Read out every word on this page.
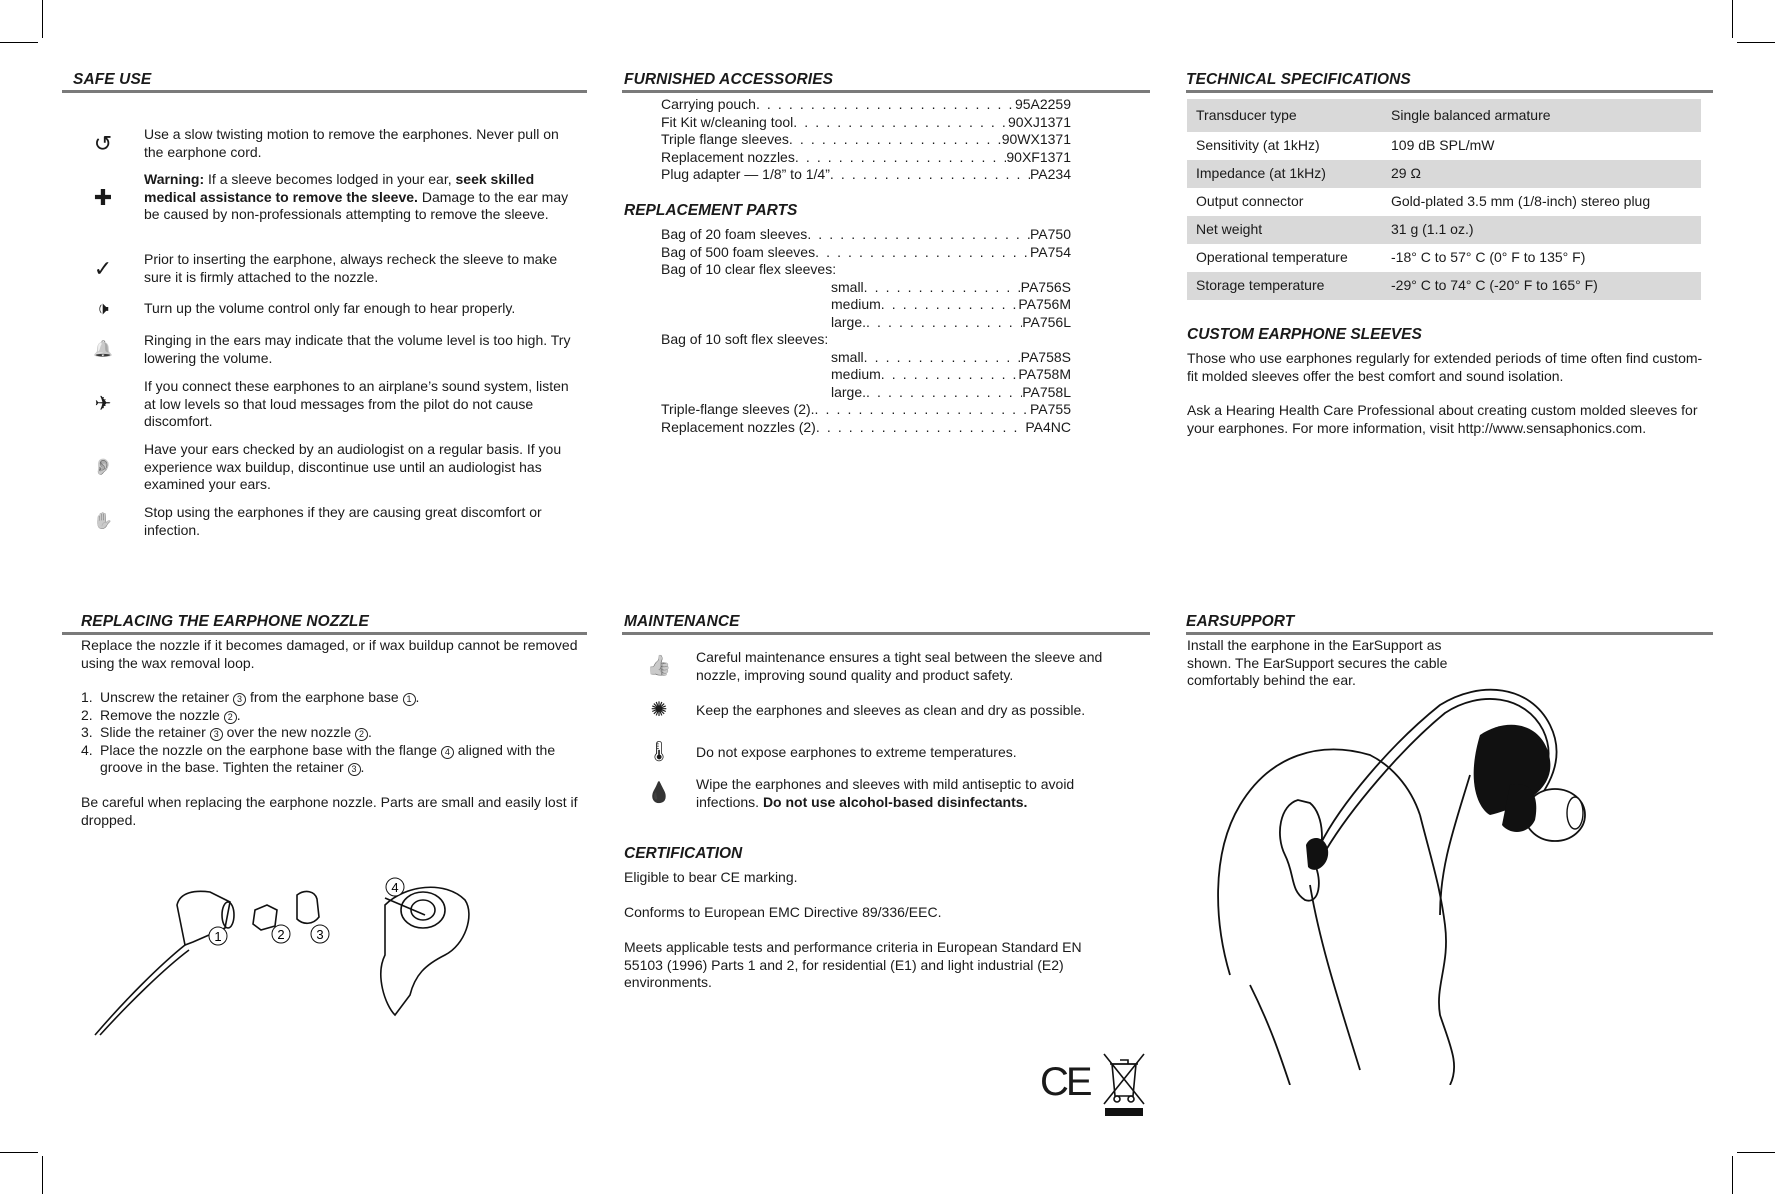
SAFE USE
↺	Use a slow twisting motion to remove the earphones. Never pull on the earphone cord.
✚
Warning: If a sleeve becomes lodged in your ear, seek skilled medical assistance to remove the sleeve. Damage to the ear may be caused by non-professionals attempting to remove the sleeve.
✓	Prior to inserting the earphone, always recheck the sleeve to make sure it is firmly attached to the nozzle.
🕩	Turn up the volume control only far enough to hear properly.
🔔
Ringing in the ears may indicate that the volume level is too high. Try lowering the volume.
✈
If you connect these earphones to an airplane’s sound system, listen at low levels so that loud messages from the pilot do not cause discomfort.
👂
Have your ears checked by an audiologist on a regular basis. If you experience wax buildup, discontinue use until an audiologist has examined your ears.
✋
Stop using the earphones if they are causing great discomfort or infection.
FURNISHED ACCESSORIES
Carrying pouch . . .	95A2259
Fit Kit w/cleaning tool . . .	90XJ1371
Triple flange sleeves . . .	90WX1371
Replacement nozzles . . .	90XF1371
Plug adapter — 1/8” to 1/4” . . .	PA234
REPLACEMENT PARTS
Bag of 20 foam sleeves . . .	PA750
Bag of 500 foam sleeves . . .	PA754
Bag of 10 clear flex sleeves:
small . . .	PA756S
medium . . .	PA756M
large. . . .	PA756L
Bag of 10 soft flex sleeves:
small . . .	PA758S
medium . . .	PA758M
large. . . .	PA758L
Triple-flange sleeves (2). . . .	PA755
Replacement nozzles (2) . . .	PA4NC
TECHNICAL SPECIFICATIONS
Transducer type	Single balanced armature
Sensitivity (at 1kHz)	109 dB SPL/mW
Impedance (at 1kHz)	29 Ω
Output connector	Gold-plated 3.5 mm (1/8-inch) stereo plug
Net weight	31 g (1.1 oz.)
Operational temperature	-18° C to 57° C (0° F to 135° F)
Storage temperature	-29° C to 74° C (-20° F to 165° F)
CUSTOM EARPHONE SLEEVES
Those who use earphones regularly for extended periods of time often find custom-fit molded sleeves offer the best comfort and sound isolation.
Ask a Hearing Health Care Professional about creating custom molded sleeves for your earphones. For more information, visit http://www.sensaphonics.com.
REPLACING THE EARPHONE NOZZLE
Replace the nozzle if it becomes damaged, or if wax buildup cannot be removed using the wax removal loop.
1. Unscrew the retainer 3 from the earphone base 1 .
2. Remove the nozzle 2 .
3. Slide the retainer 3 over the new nozzle 2 .
4. Place the nozzle on the earphone base with the flange 4 aligned with the groove in the base. Tighten the retainer 3 .
Be careful when replacing the earphone nozzle. Parts are small and easily lost if dropped.
1	2 3
4
MAINTENANCE
👍	Careful maintenance ensures a tight seal between the sleeve and nozzle, improving sound quality and product safety.
✺	Keep the earphones and sleeves as clean and dry as possible.
🌡	Do not expose earphones to extreme temperatures.
💧	Wipe the earphones and sleeves with mild antiseptic to avoid infections. Do not use alcohol-based disinfectants.
CERTIFICATION
Eligible to bear CE marking.
Conforms to European EMC Directive 89/336/EEC.
Meets applicable tests and performance criteria in European Standard EN 55103 (1996) Parts 1 and 2, for residential (E1) and light industrial (E2) environments.
CE
EARSUPPORT
Install the earphone in the EarSupport as shown. The EarSupport secures the cable comfortably behind the ear.
